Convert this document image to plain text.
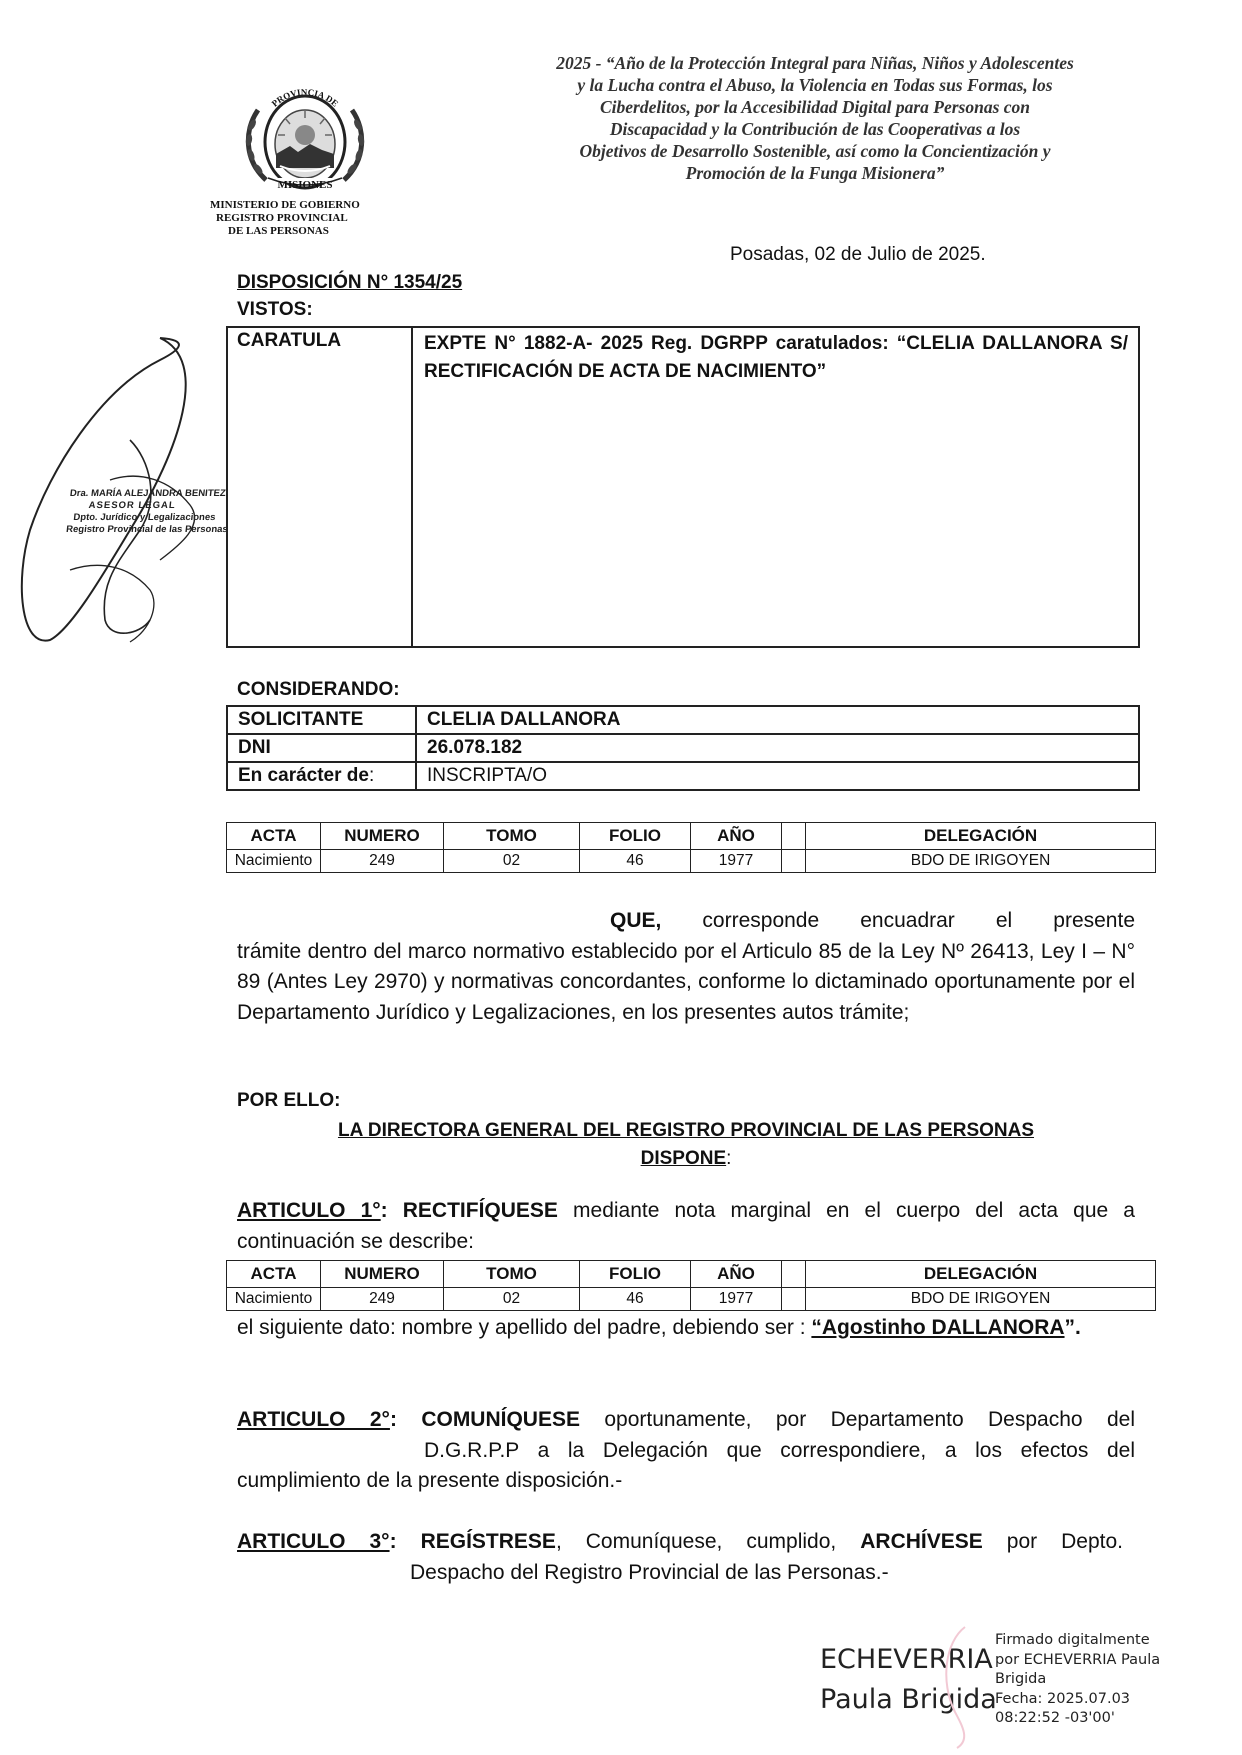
2025 - “Año de la Protección Integral para Niñas, Niños y Adolescentes
y la Lucha contra el Abuso, la Violencia en Todas sus Formas, los
Ciberdelitos, por la Accesibilidad Digital para Personas con
Discapacidad y la Contribución de las Cooperativas a los
Objetivos de Desarrollo Sostenible, así como la Concientización y
Promoción de la Funga Misionera”
PROVINCIA DE
MISIONES
MINISTERIO DE GOBIERNO
REGISTRO PROVINCIAL
DE LAS PERSONAS
Posadas, 02 de Julio de 2025.
DISPOSICIÓN N° 1354/25
VISTOS:
Dra. MARÍA ALEJANDRA BENITEZ
ASESOR LEGAL
Dpto. Jurídico y Legalizaciones
Registro Provincial de las Personas
CARATULA	EXPTE N° 1882-A- 2025 Reg. DGRPP caratulados: “CLELIA DALLANORA S/ RECTIFICACIÓN DE ACTA DE NACIMIENTO”
CONSIDERANDO:
SOLICITANTE	CLELIA DALLANORA
DNI	26.078.182
En carácter de:	INSCRIPTA/O
ACTA	NUMERO	TOMO	FOLIO	AÑO		DELEGACIÓN
Nacimiento	249	02	46	1977		BDO DE IRIGOYEN
QUE, corresponde encuadrar el presente
trámite dentro del marco normativo establecido por el Articulo 85 de la Ley Nº 26413, Ley I – N° 89 (Antes Ley 2970) y normativas concordantes, conforme lo dictaminado oportunamente por el Departamento Jurídico y Legalizaciones, en los presentes autos trámite;
POR ELLO:
LA DIRECTORA GENERAL DEL REGISTRO PROVINCIAL DE LAS PERSONAS
DISPONE:
ARTICULO 1°: RECTIFÍQUESE mediante nota marginal en el cuerpo del acta que a continuación se describe:
ACTA	NUMERO	TOMO	FOLIO	AÑO		DELEGACIÓN
Nacimiento	249	02	46	1977		BDO DE IRIGOYEN
el siguiente dato: nombre y apellido del padre, debiendo ser : “Agostinho DALLANORA”.
ARTICULO 2°: COMUNÍQUESE oportunamente, por Departamento Despacho del
D.G.R.P.P a la Delegación que correspondiere, a los efectos del
cumplimiento de la presente disposición.-
ARTICULO 3°: REGÍSTRESE, Comuníquese, cumplido, ARCHÍVESE por Depto.
Despacho del Registro Provincial de las Personas.-
ECHEVERRIA
Paula Brigida
Firmado digitalmente
por ECHEVERRIA Paula
Brigida
Fecha: 2025.07.03
08:22:52 -03'00'
